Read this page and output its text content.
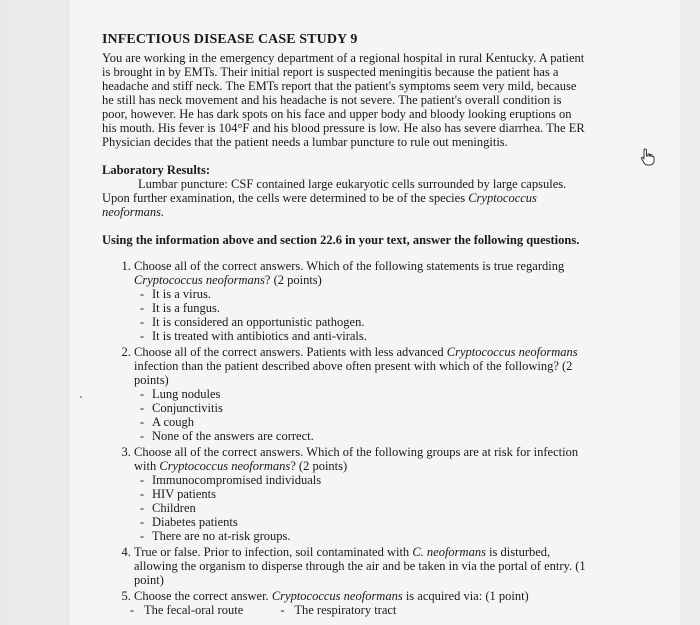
INFECTIOUS DISEASE CASE STUDY 9

You are working in the emergency department of a regional hospital in rural Kentucky. A patient is brought in by EMTs. Their initial report is suspected meningitis because the patient has a headache and stiff neck. The EMTs report that the patient's symptoms seem very mild, because he still has neck movement and his headache is not severe. The patient's overall condition is poor, however. He has dark spots on his face and upper body and bloody looking eruptions on his mouth. His fever is 104°F and his blood pressure is low. He also has severe diarrhea. The ER Physician decides that the patient needs a lumbar puncture to rule out meningitis.

Laboratory Results:

Lumbar puncture: CSF contained large eukaryotic cells surrounded by large capsules. Upon further examination, the cells were determined to be of the species Cryptococcus neoformans.

Using the information above and section 22.6 in your text, answer the following questions.

1. Choose all of the correct answers. Which of the following statements is true regarding Cryptococcus neoformans? (2 points)
- It is a virus.
- It is a fungus.
- It is considered an opportunistic pathogen.
- It is treated with antibiotics and anti-virals.
2. Choose all of the correct answers. Patients with less advanced Cryptococcus neoformans infection than the patient described above often present with which of the following? (2 points)
- Lung nodules
- Conjunctivitis
- A cough
- None of the answers are correct.
3. Choose all of the correct answers. Which of the following groups are at risk for infection with Cryptococcus neoformans? (2 points)
- Immunocompromised individuals
- HIV patients
- Children
- Diabetes patients
- There are no at-risk groups.
4. True or false. Prior to infection, soil contaminated with C. neoformans is disturbed, allowing the organism to disperse through the air and be taken in via the portal of entry. (1 point)
5. Choose the correct answer. Cryptococcus neoformans is acquired via: (1 point)
- The fecal-oral route -	The respiratory tract
